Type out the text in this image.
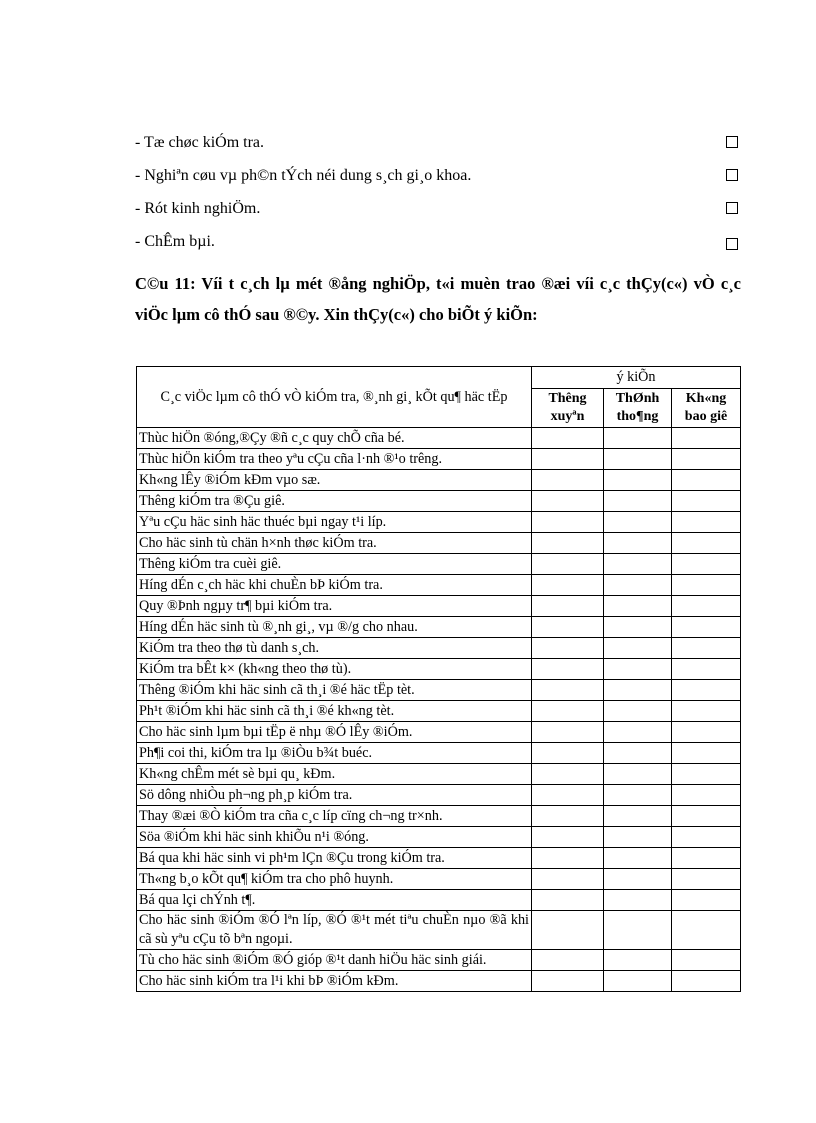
- Tæ chøc kiÓm tra.
- Nghiªn cøu vµ ph©n tÝch néi dung s¸ch gi¸o khoa.
- Rót kinh nghiÖm.
- ChÊm bµi.
C©u 11: Víi t c¸ch lµ mét ®ång nghiÖp, t«i muèn trao ®æi víi c¸c thÇy(c«) vÒ c¸c viÖc lµm cô thÓ sau ®©y. Xin thÇy(c«) cho biÕt ý kiÕn:
C¸c viÖc lµm cô thÓ vÒ kiÓm tra, ®¸nh gi¸ kÕt qu¶ häc tËp	ý kiÕn		
	Thêng xuyªn	ThØnh tho¶ng	Kh«ng bao giê
Thùc hiÖn ®óng,®Çy ®ñ c¸c quy chÕ cña bé.			
Thùc hiÖn kiÓm tra theo yªu cÇu cña l·nh ®¹o trêng.			
Kh«ng lÊy ®iÓm kÐm vµo sæ.			
Thêng kiÓm tra ®Çu giê.			
Yªu cÇu häc sinh häc thuéc bµi ngay t¹i líp.			
Cho häc sinh tù chän h×nh thøc kiÓm tra.			
Thêng kiÓm tra cuèi giê.			
Híng dÉn c¸ch häc khi chuÈn bÞ kiÓm tra.			
Quy ®Þnh ngµy tr¶ bµi kiÓm tra.			
Híng dÉn häc sinh tù ®¸nh gi¸, vµ ®/g cho nhau.			
KiÓm tra theo thø tù danh s¸ch.			
KiÓm tra bÊt k× (kh«ng theo thø tù).			
Thêng ®iÓm khi häc sinh cã th¸i ®é häc tËp tèt.			
Ph¹t ®iÓm khi häc sinh cã th¸i ®é kh«ng tèt.			
Cho häc sinh lµm bµi tËp ë nhµ ®Ó lÊy ®iÓm.			
Ph¶i coi thi, kiÓm tra lµ ®iÒu b¾t buéc.			
Kh«ng chÊm mét sè bµi qu¸ kÐm.			
Sö dông nhiÒu ph¬ng ph¸p kiÓm tra.			
Thay ®æi ®Ò kiÓm tra cña c¸c líp cïng ch¬ng tr×nh.			
Söa ®iÓm khi häc sinh khiÕu n¹i ®óng.			
Bá qua khi häc sinh vi ph¹m lÇn ®Çu trong kiÓm tra.			
Th«ng b¸o kÕt qu¶ kiÓm tra cho phô huynh.			
Bá qua lçi chÝnh t¶.			
Cho häc sinh ®iÓm ®Ó lªn líp, ®Ó ®¹t mét tiªu chuÈn nµo ®ã khi cã sù yªu cÇu tõ bªn ngoµi.			
Tù cho häc sinh ®iÓm ®Ó gióp ®¹t danh hiÖu häc sinh giái.			
Cho häc sinh kiÓm tra l¹i khi bÞ ®iÓm kÐm.			
